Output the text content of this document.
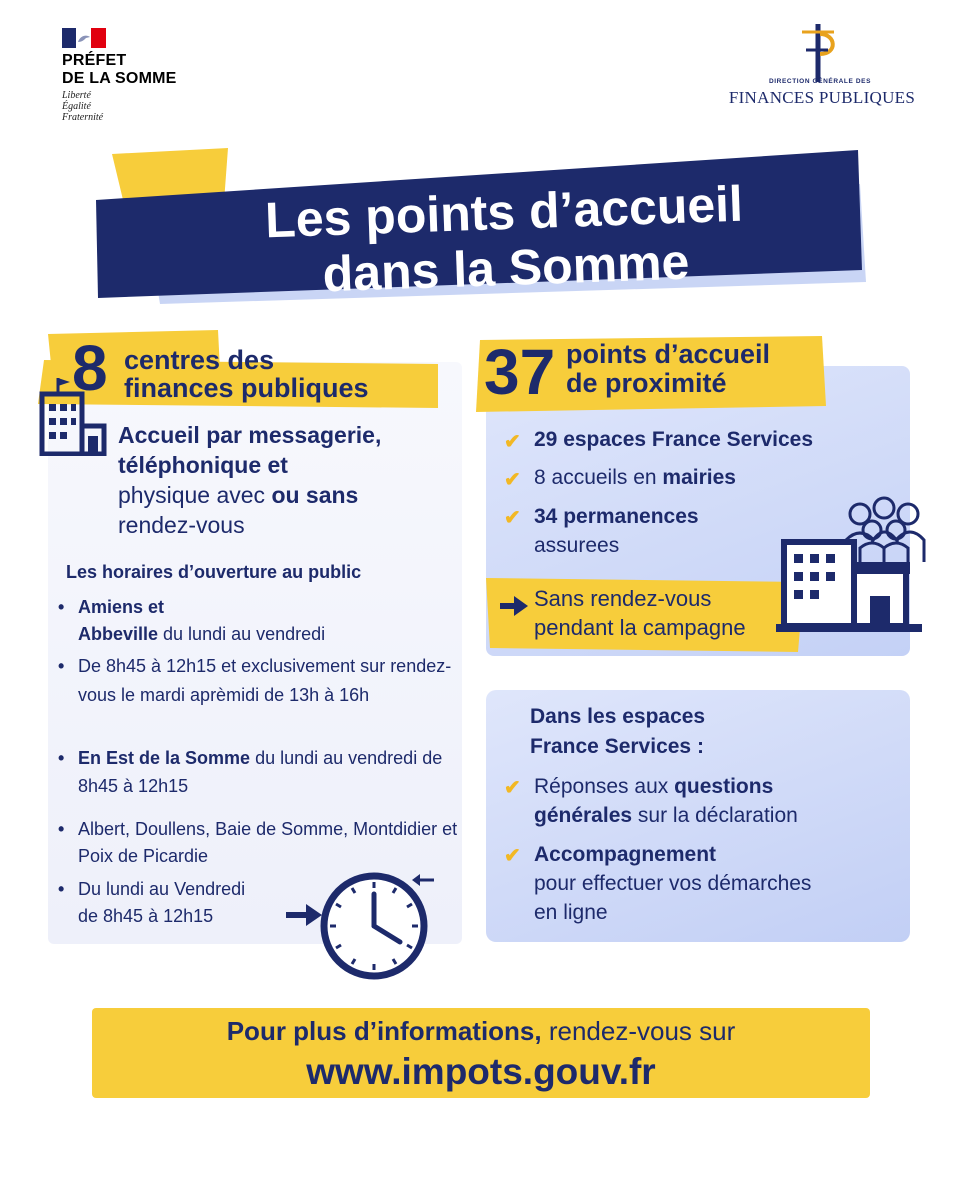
PRÉFET
DE LA SOMME
Liberté
Égalité
Fraternité
DIRECTION GÉNÉRALE DES
FINANCES PUBLIQUES
Les points d’accueil
dans la Somme
8 centres des
finances publiques
Accueil par messagerie, téléphonique et
physique avec ou sans
rendez-vous
Les horaires d’ouverture au public
• Amiens et
Abbeville du lundi au vendredi
• De 8h45 à 12h15 et exclusivement sur rendez-vous le mardi aprèmidi de 13h à 16h
• En Est de la Somme du lundi au vendredi de 8h45 à 12h15
• Albert, Doullens, Baie de Somme, Montdidier et Poix de Picardie
• Du lundi au Vendredi
de 8h45 à 12h15
37 points d’accueil
de proximité
✔ 29 espaces France Services
✔ 8 accueils en mairies
✔ 34 permanences
assurees
Sans rendez-vous
pendant la campagne
Dans les espaces
France Services :
✔ Réponses aux questions
générales sur la déclaration
✔ Accompagnement
pour effectuer vos démarches
en ligne
Pour plus d’informations, rendez-vous sur
www.impots.gouv.fr
